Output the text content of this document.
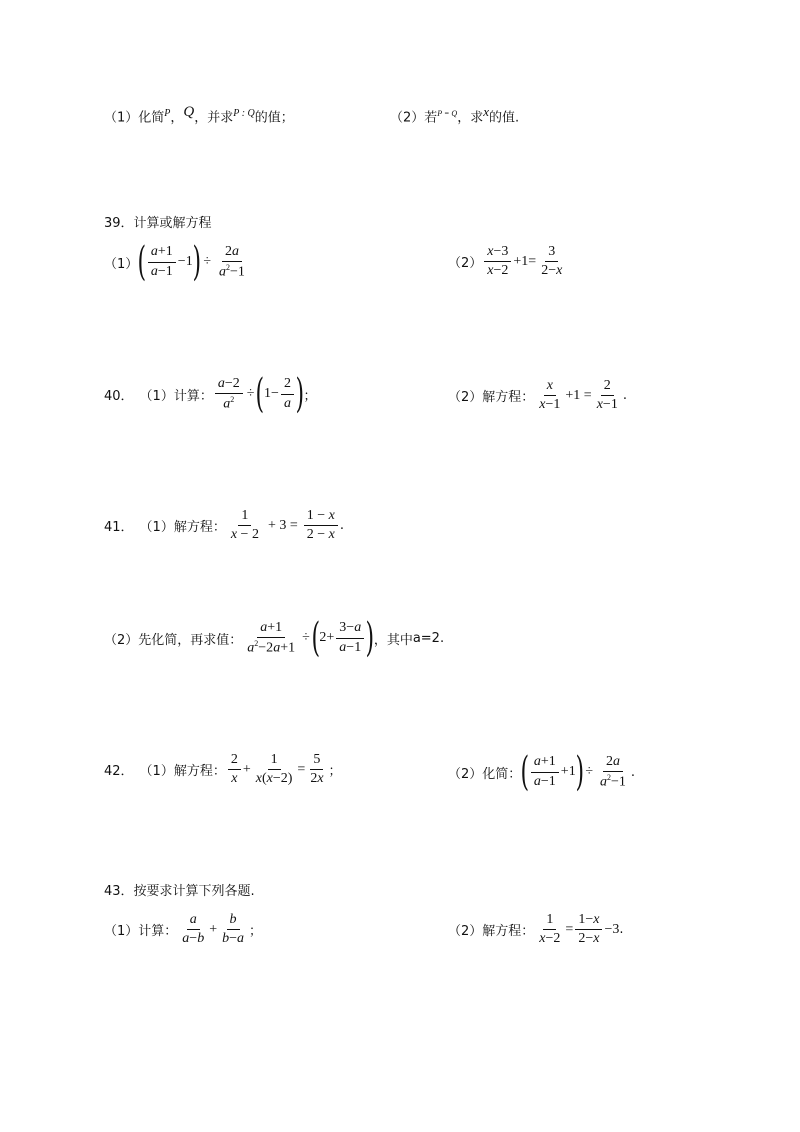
（1）化简$^P$，Q，并求$^{P : Q}$的值；	（2）若$^{P = Q}$，求x的值.
39．计算或解方程
（1） ( $\frac{a+1}{a-1} -1$ ) ÷ $\frac{2a}{a^2-1}$	$(2) \frac{x-3}{x-2} +1= \frac{3}{2-x}$
40． （1）计算： $\frac{a-2}{a^2}$ ÷ ( $1- \frac{2}{a}$ ) ；	（2）解方程： $\frac{x}{x-1} +1 = \frac{2}{x-1}$ .
41． （1）解方程： $\frac{1}{x - 2} + 3 = \frac{1 - x}{2 - x}$ .
（2）先化简，再求值： $\frac{a+1}{a^2-2a+1}$ ÷ ( $2+ \frac{3-a}{a-1}$ ) ，其中 a=2.
42． （1）解方程： $\frac{2}{x} + \frac{1}{x(x-2)} = \frac{5}{2x}$ ；	（2）化简： ( $\frac{a+1}{a-1} +1$ ) ÷ $\frac{2a}{a^2-1}$ .
43．按要求计算下列各题.
（1）计算： $\frac{a}{a-b} + \frac{b}{b-a}$ ；	（2）解方程： $\frac{1}{x-2} = \frac{1-x}{2-x} -3$ .
